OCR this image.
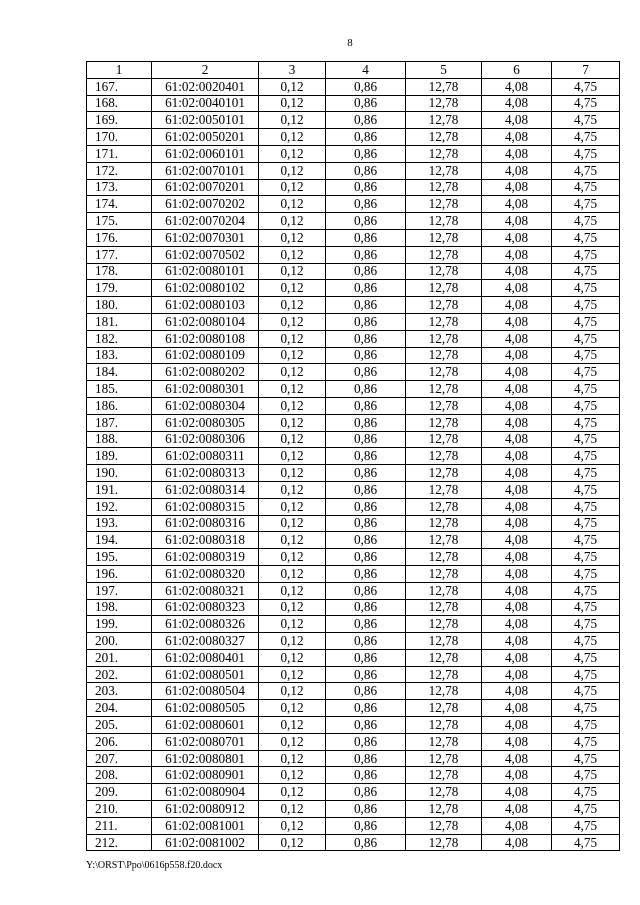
8
1	2	3	4	5	6	7
167.	61:02:0020401	0,12	0,86	12,78	4,08	4,75
168.	61:02:0040101	0,12	0,86	12,78	4,08	4,75
169.	61:02:0050101	0,12	0,86	12,78	4,08	4,75
170.	61:02:0050201	0,12	0,86	12,78	4,08	4,75
171.	61:02:0060101	0,12	0,86	12,78	4,08	4,75
172.	61:02:0070101	0,12	0,86	12,78	4,08	4,75
173.	61:02:0070201	0,12	0,86	12,78	4,08	4,75
174.	61:02:0070202	0,12	0,86	12,78	4,08	4,75
175.	61:02:0070204	0,12	0,86	12,78	4,08	4,75
176.	61:02:0070301	0,12	0,86	12,78	4,08	4,75
177.	61:02:0070502	0,12	0,86	12,78	4,08	4,75
178.	61:02:0080101	0,12	0,86	12,78	4,08	4,75
179.	61:02:0080102	0,12	0,86	12,78	4,08	4,75
180.	61:02:0080103	0,12	0,86	12,78	4,08	4,75
181.	61:02:0080104	0,12	0,86	12,78	4,08	4,75
182.	61:02:0080108	0,12	0,86	12,78	4,08	4,75
183.	61:02:0080109	0,12	0,86	12,78	4,08	4,75
184.	61:02:0080202	0,12	0,86	12,78	4,08	4,75
185.	61:02:0080301	0,12	0,86	12,78	4,08	4,75
186.	61:02:0080304	0,12	0,86	12,78	4,08	4,75
187.	61:02:0080305	0,12	0,86	12,78	4,08	4,75
188.	61:02:0080306	0,12	0,86	12,78	4,08	4,75
189.	61:02:0080311	0,12	0,86	12,78	4,08	4,75
190.	61:02:0080313	0,12	0,86	12,78	4,08	4,75
191.	61:02:0080314	0,12	0,86	12,78	4,08	4,75
192.	61:02:0080315	0,12	0,86	12,78	4,08	4,75
193.	61:02:0080316	0,12	0,86	12,78	4,08	4,75
194.	61:02:0080318	0,12	0,86	12,78	4,08	4,75
195.	61:02:0080319	0,12	0,86	12,78	4,08	4,75
196.	61:02:0080320	0,12	0,86	12,78	4,08	4,75
197.	61:02:0080321	0,12	0,86	12,78	4,08	4,75
198.	61:02:0080323	0,12	0,86	12,78	4,08	4,75
199.	61:02:0080326	0,12	0,86	12,78	4,08	4,75
200.	61:02:0080327	0,12	0,86	12,78	4,08	4,75
201.	61:02:0080401	0,12	0,86	12,78	4,08	4,75
202.	61:02:0080501	0,12	0,86	12,78	4,08	4,75
203.	61:02:0080504	0,12	0,86	12,78	4,08	4,75
204.	61:02:0080505	0,12	0,86	12,78	4,08	4,75
205.	61:02:0080601	0,12	0,86	12,78	4,08	4,75
206.	61:02:0080701	0,12	0,86	12,78	4,08	4,75
207.	61:02:0080801	0,12	0,86	12,78	4,08	4,75
208.	61:02:0080901	0,12	0,86	12,78	4,08	4,75
209.	61:02:0080904	0,12	0,86	12,78	4,08	4,75
210.	61:02:0080912	0,12	0,86	12,78	4,08	4,75
211.	61:02:0081001	0,12	0,86	12,78	4,08	4,75
212.	61:02:0081002	0,12	0,86	12,78	4,08	4,75
Y:\ORST\Ppo\0616p558.f20.docx
